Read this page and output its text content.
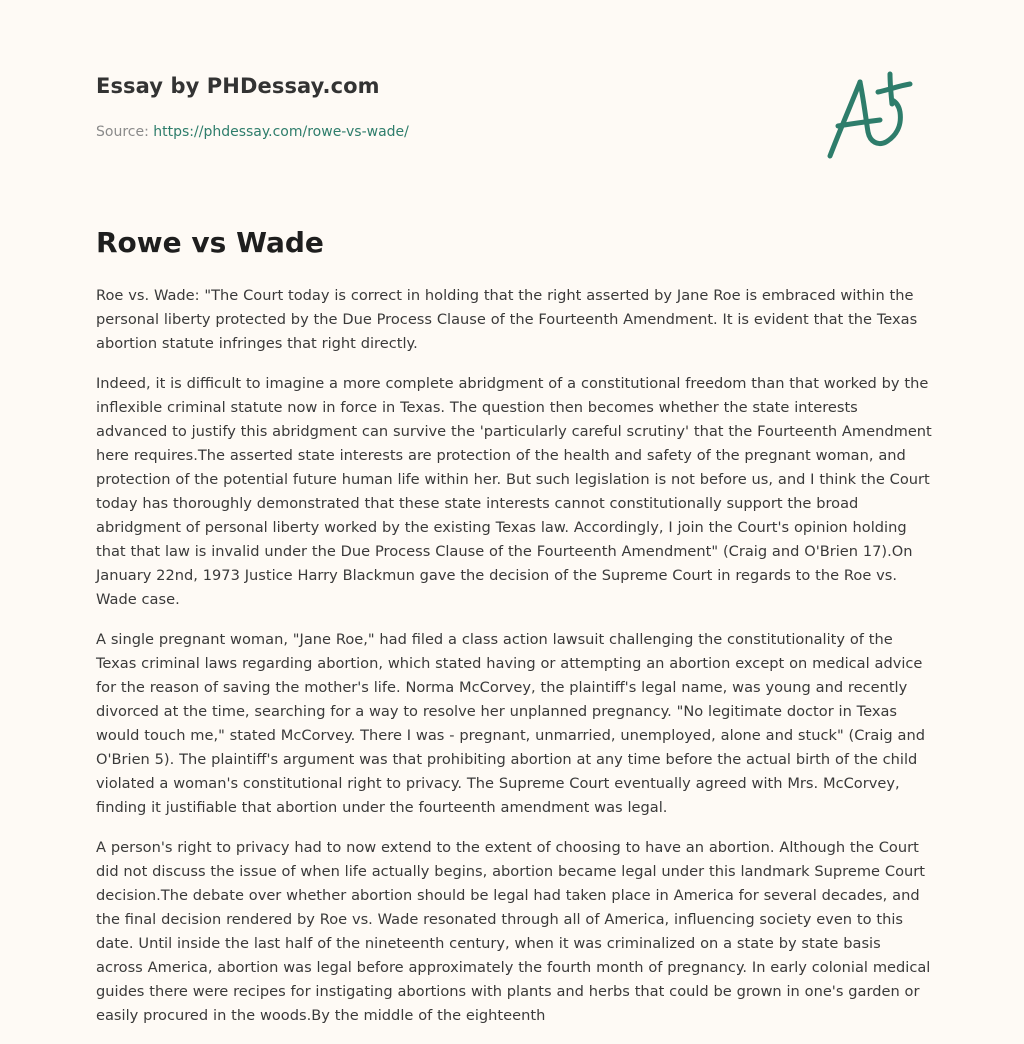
Essay by PHDessay.com
Source: https://phdessay.com/rowe-vs-wade/
Rowe vs Wade

Roe vs. Wade: "The Court today is correct in holding that the right asserted by Jane Roe is embraced within the personal liberty protected by the Due Process Clause of the Fourteenth Amendment. It is evident that the Texas abortion statute infringes that right directly.

Indeed, it is difficult to imagine a more complete abridgment of a constitutional freedom than that worked by the inflexible criminal statute now in force in Texas. The question then becomes whether the state interests advanced to justify this abridgment can survive the 'particularly careful scrutiny' that the Fourteenth Amendment here requires.The asserted state interests are protection of the health and safety of the pregnant woman, and protection of the potential future human life within her. But such legislation is not before us, and I think the Court today has thoroughly demonstrated that these state interests cannot constitutionally support the broad abridgment of personal liberty worked by the existing Texas law. Accordingly, I join the Court's opinion holding that that law is invalid under the Due Process Clause of the Fourteenth Amendment" (Craig and O'Brien 17).On January 22nd, 1973 Justice Harry Blackmun gave the decision of the Supreme Court in regards to the Roe vs. Wade case.

A single pregnant woman, "Jane Roe," had filed a class action lawsuit challenging the constitutionality of the Texas criminal laws regarding abortion, which stated having or attempting an abortion except on medical advice for the reason of saving the mother's life. Norma McCorvey, the plaintiff's legal name, was young and recently divorced at the time, searching for a way to resolve her unplanned pregnancy. "No legitimate doctor in Texas would touch me," stated McCorvey. There I was - pregnant, unmarried, unemployed, alone and stuck" (Craig and O'Brien 5). The plaintiff's argument was that prohibiting abortion at any time before the actual birth of the child violated a woman's constitutional right to privacy. The Supreme Court eventually agreed with Mrs. McCorvey, finding it justifiable that abortion under the fourteenth amendment was legal.

A person's right to privacy had to now extend to the extent of choosing to have an abortion. Although the Court did not discuss the issue of when life actually begins, abortion became legal under this landmark Supreme Court decision.The debate over whether abortion should be legal had taken place in America for several decades, and the final decision rendered by Roe vs. Wade resonated through all of America, influencing society even to this date. Until inside the last half of the nineteenth century, when it was criminalized on a state by state basis across America, abortion was legal before approximately the fourth month of pregnancy. In early colonial medical guides there were recipes for instigating abortions with plants and herbs that could be grown in one's garden or easily procured in the woods.By the middle of the eighteenth
